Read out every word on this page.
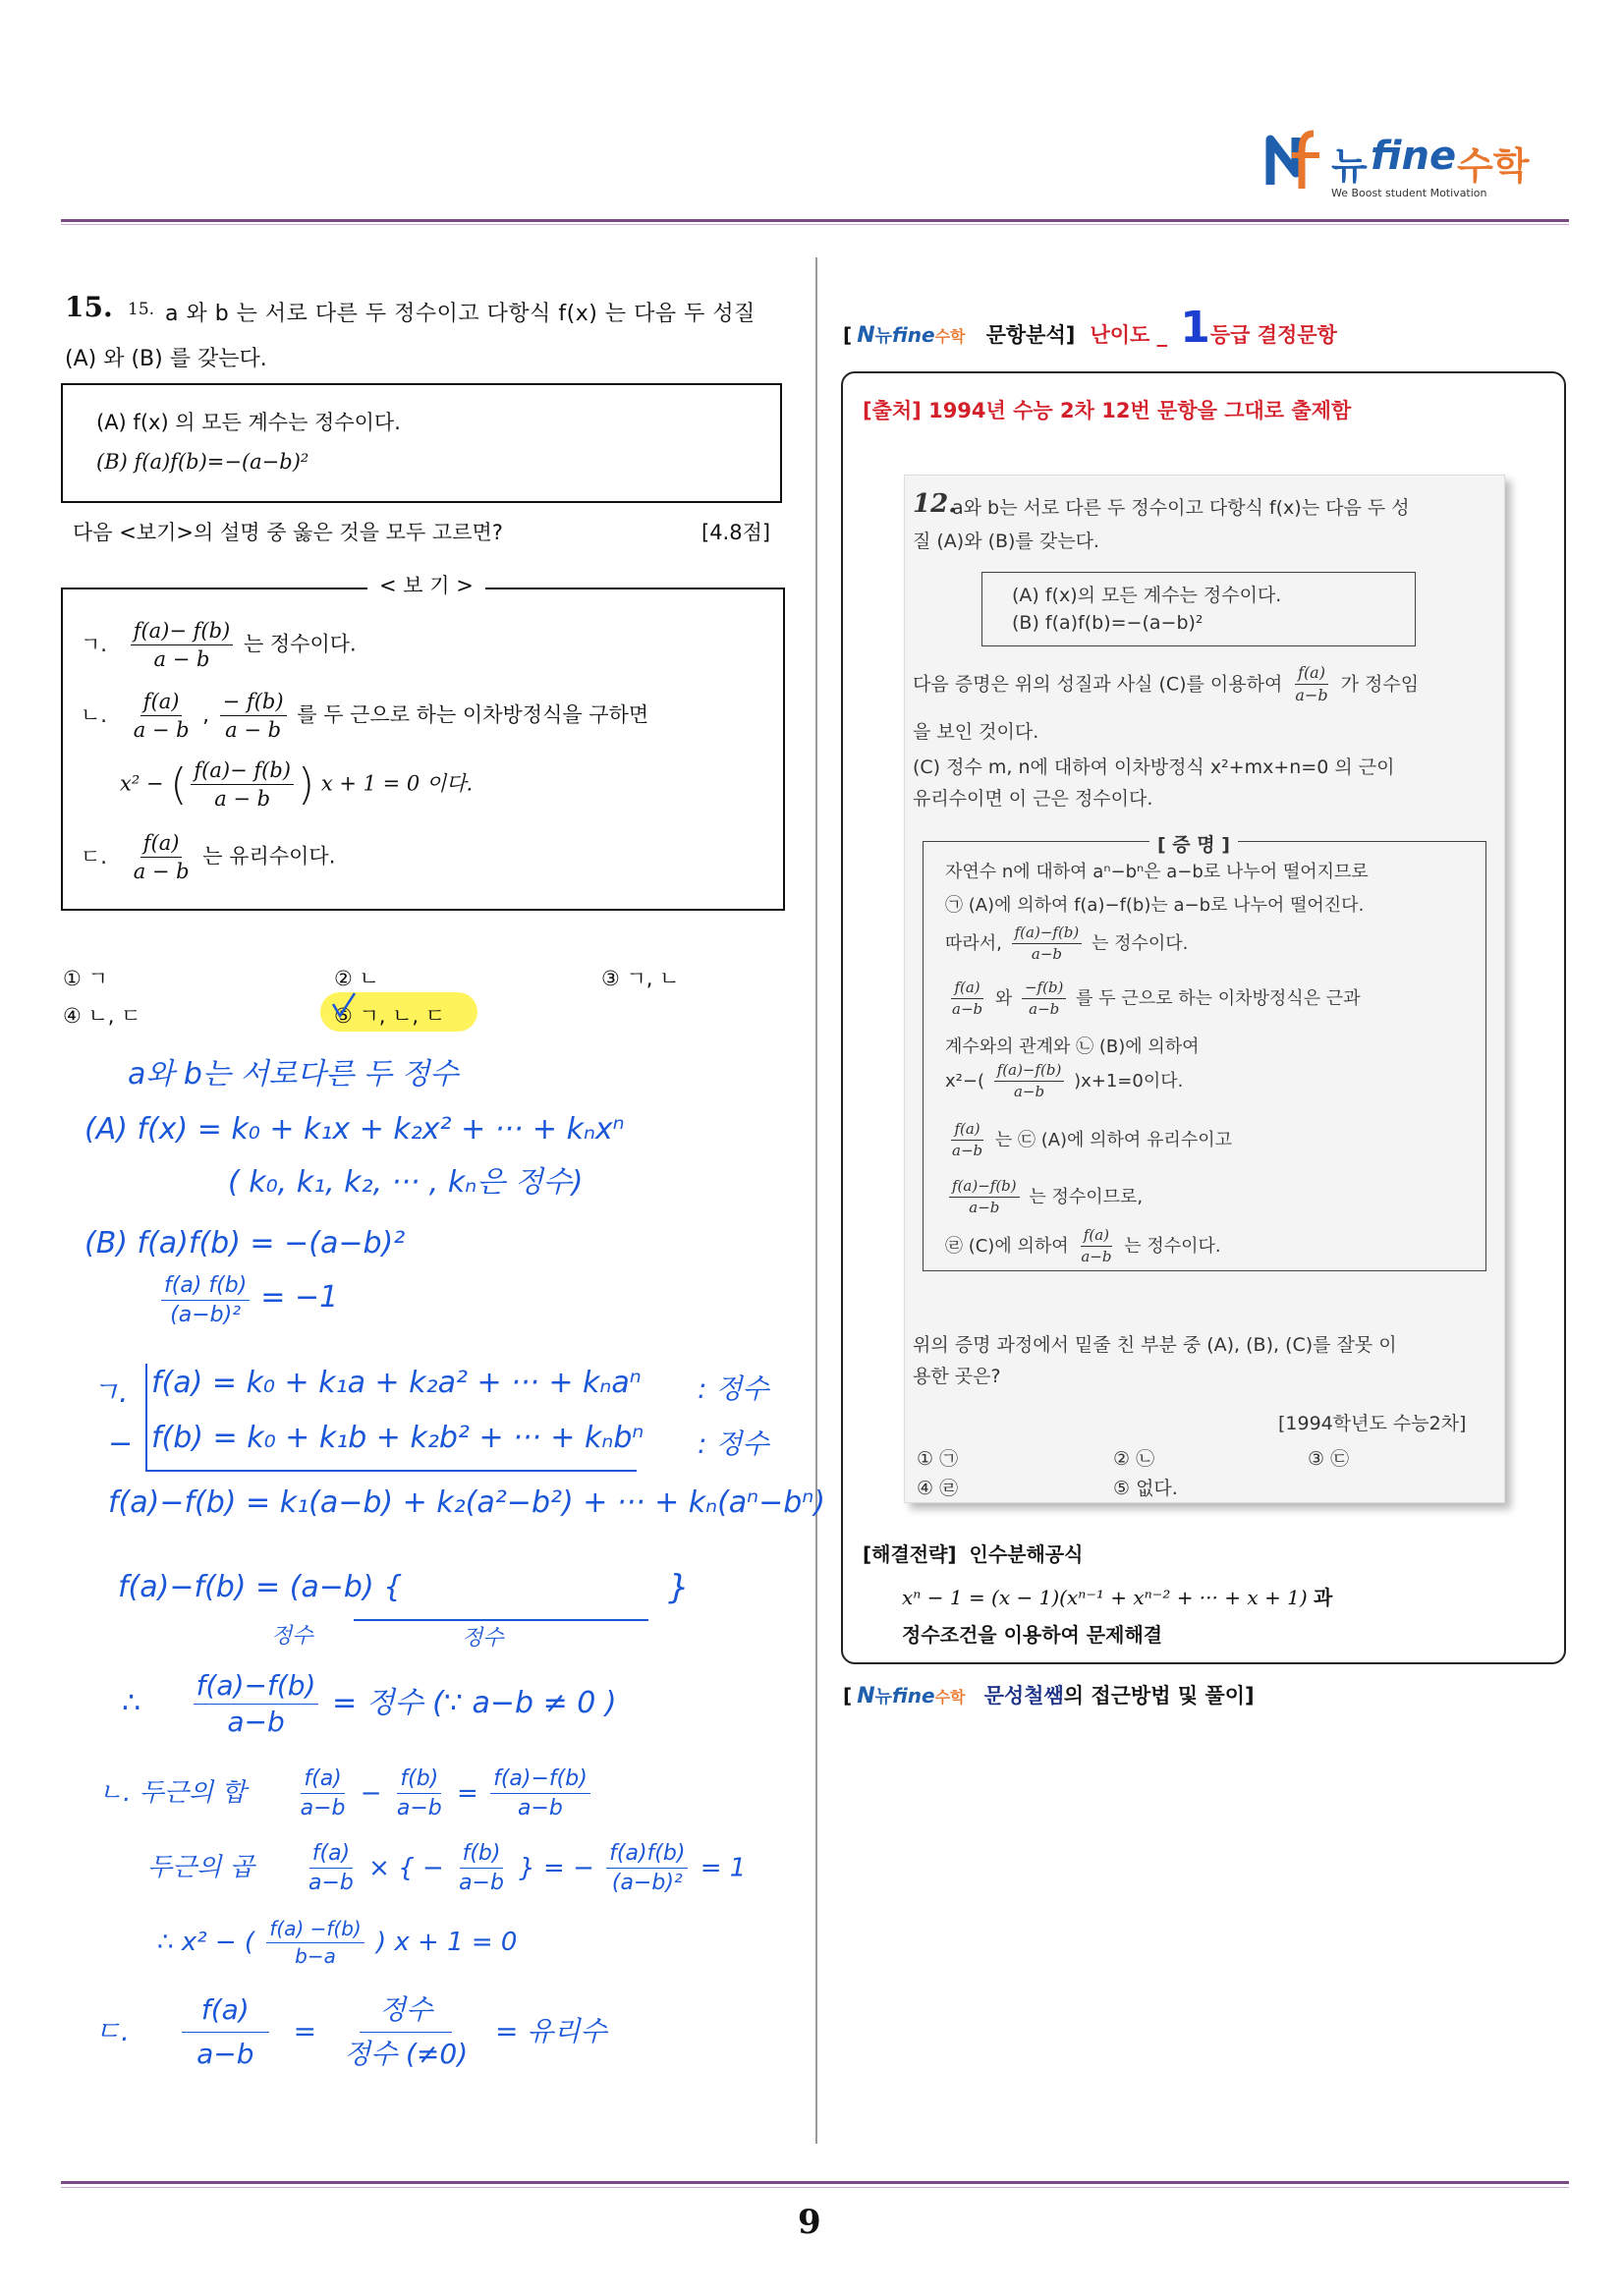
뉴 fine 수학
We Boost student Motivation
15. 15. a 와 b 는 서로 다른 두 정수이고 다항식 f(x) 는 다음 두 성질
(A) 와 (B) 를 갖는다.
(A) f(x) 의 모든 계수는 정수이다.
(B) f(a)f(b)=−(a−b)²
다음 <보기>의 설명 중 옳은 것을 모두 고르면?	[4.8점]
< 보 기 >
ㄱ. $\frac{f(a)- f(b)}{a - b}$ 는 정수이다.
ㄴ. $\frac{f(a)}{a - b}$ , $\frac{- f(b)}{a - b}$ 를 두 근으로 하는 이차방정식을 구하면
x² − ( $\frac{f(a)- f(b)}{a - b}$ ) x + 1 = 0 이다.
ㄷ. $\frac{f(a)}{a - b}$ 는 유리수이다.
① ㄱ	② ㄴ	③ ㄱ, ㄴ
④ ㄴ, ㄷ	⑤ ㄱ, ㄴ, ㄷ
a와 b는 서로다른 두 정수
(A) f(x) = k₀ + k₁x + k₂x² + ··· + kₙxⁿ
( k₀, k₁, k₂, ··· , kₙ은 정수)
(B) f(a)f(b) = −(a−b)²
$\frac{f(a) f(b)}{\text{(a−b)²}} = -1$
ㄱ. f(a) = k₀ + k₁a + k₂a² + ··· + kₙaⁿ : 정수
− f(b) = k₀ + k₁b + k₂b² + ··· + kₙbⁿ : 정수
f(a)−f(b) = k₁(a−b) + k₂(a²−b²) + ··· + kₙ(aⁿ−bⁿ)
f(a)−f(b) = (a−b) {	}
정수	정수
∴ $\frac{f(a)-f(b)}{a-b}$ = 정수 (∵ a−b ≠ 0 )
ㄴ. 두근의 합 $\frac{f(a)}{a-b} - \frac{f(b)}{a-b} = \frac{f(a)-f(b)}{a-b}$
두근의 곱 $\frac{f(a)}{a-b}$ × { − $\frac{f(b)}{a-b}$ } = − $\frac{f(a)f(b)}{\text{(a−b)²}} = 1$
∴ x² − ( $\frac{f(a) -f(b)}{b-a}$ ) x + 1 = 0
ㄷ. $\frac{f(a)}{a-b} = \frac{\text{정수}}{\text{정수 (≠0)}}$ = 유리수
[ N뉴fine수학 문항분석] 난이도 _ 1등급 결정문항
[출처] 1994년 수능 2차 12번 문항을 그대로 출제함
12.
a와 b는 서로 다른 두 정수이고 다항식 f(x)는 다음 두 성
질 (A)와 (B)를 갖는다.
(A) f(x)의 모든 계수는 정수이다.
(B) f(a)f(b)=−(a−b)²
다음 증명은 위의 성질과 사실 (C)를 이용하여 $\frac{f(a)}{a-b}$ 가 정수임
을 보인 것이다.
(C) 정수 m, n에 대하여 이차방정식 x²+mx+n=0 의 근이
유리수이면 이 근은 정수이다.
[ 증 명 ]
자연수 n에 대하여 aⁿ−bⁿ은 a−b로 나누어 떨어지므로
㉠ (A)에 의하여 f(a)−f(b)는 a−b로 나누어 떨어진다.
따라서, $\frac{f(a)-f(b)}{a-b}$ 는 정수이다.
$\frac{f(a)}{a-b}$ 와 $\frac{-f(b)}{a-b}$ 를 두 근으로 하는 이차방정식은 근과
계수와의 관계와 ㉡ (B)에 의하여
$x^2-( \frac{f(a)-f(b)}{a-b} )x+1=0$이다.
$\frac{f(a)}{a-b}$ 는 ㉢ (A)에 의하여 유리수이고
$\frac{f(a)-f(b)}{a-b}$ 는 정수이므로,
㉣ (C)에 의하여 $\frac{f(a)}{a-b}$ 는 정수이다.
위의 증명 과정에서 밑줄 친 부분 중 (A), (B), (C)를 잘못 이
용한 곳은?
[1994학년도 수능2차]
① ㉠	② ㉡	③ ㉢
④ ㉣	⑤ 없다.
[해결전략] 인수분해공식
xⁿ − 1 = (x − 1)(xⁿ⁻¹ + xⁿ⁻² + ··· + x + 1) 과
정수조건을 이용하여 문제해결
[ N뉴fine수학 문성철쌤의 접근방법 및 풀이]
9
